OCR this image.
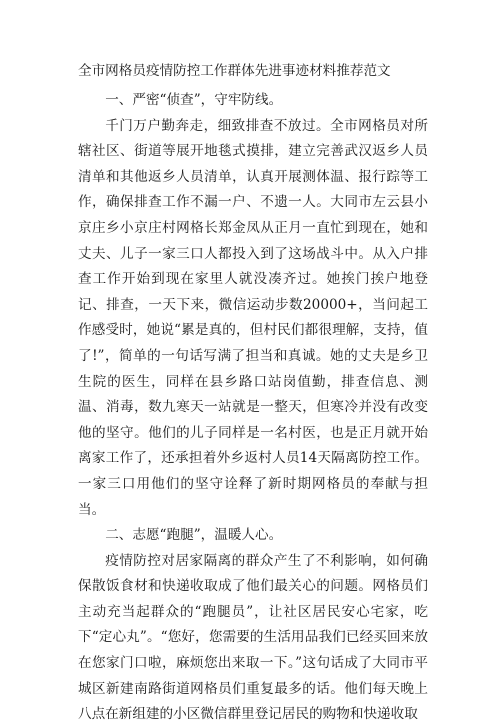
全市网格员疫情防控工作群体先进事迹材料推荐范文

一、严密“侦查”，守牢防线。

千门万户勤奔走，细致排查不放过。全市网格员对所辖社区、街道等展开地毯式摸排，建立完善武汉返乡人员清单和其他返乡人员清单，认真开展测体温、报行踪等工作，确保排查工作不漏一户、不遗一人。大同市左云县小京庄乡小京庄村网格长郑金凤从正月一直忙到现在，她和丈夫、儿子一家三口人都投入到了这场战斗中。从入户排查工作开始到现在家里人就没凑齐过。她挨门挨户地登记、排查，一天下来，微信运动步数20000+，当问起工作感受时，她说“累是真的，但村民们都很理解，支持，值了!”，简单的一句话写满了担当和真诚。她的丈夫是乡卫生院的医生，同样在县乡路口站岗值勤，排查信息、测温、消毒，数九寒天一站就是一整天，但寒冷并没有改变他的坚守。他们的儿子同样是一名村医，也是正月就开始离家工作了，还承担着外乡返村人员14天隔离防控工作。一家三口用他们的坚守诠释了新时期网格员的奉献与担当。

二、志愿“跑腿”，温暖人心。

疫情防控对居家隔离的群众产生了不利影响，如何确保散饭食材和快递收取成了他们最关心的问题。网格员们主动充当起群众的“跑腿员”，让社区居民安心宅家，吃下“定心丸”。“您好，您需要的生活用品我们已经买回来放在您家门口啦，麻烦您出来取一下。”这句话成了大同市平城区新建南路街道网格员们重复最多的话。他们每天晚上八点在新组建的小区微信群里登记居民的购物和快递收取
